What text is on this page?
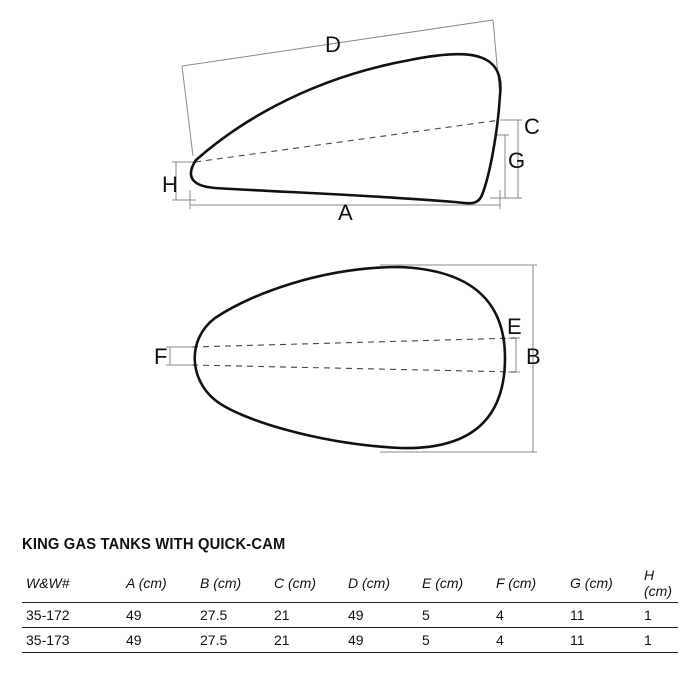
D
C
G
H
A
E
F	B
KING GAS TANKS WITH QUICK-CAM
W&W#	A (cm)	B (cm)	C (cm)	D (cm)	E (cm)	F (cm)	G (cm)	H (cm)
35-172	49	27.5	21	49	5	4	11	1
35-173	49	27.5	21	49	5	4	11	1
